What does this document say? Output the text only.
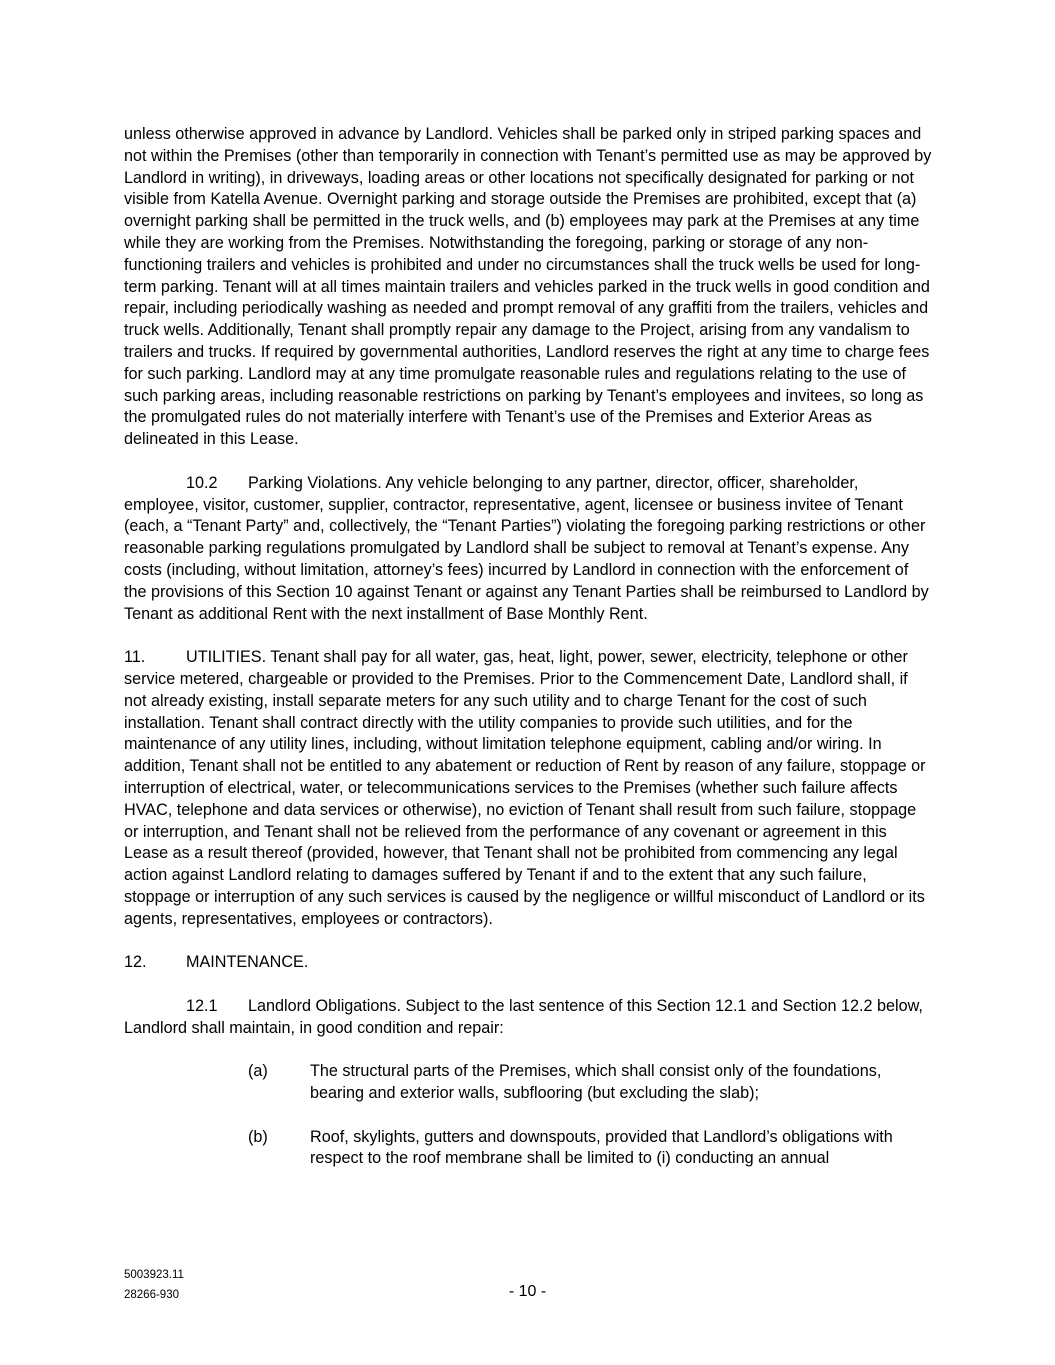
unless otherwise approved in advance by Landlord. Vehicles shall be parked only in striped parking spaces and not within the Premises (other than temporarily in connection with Tenant’s permitted use as may be approved by Landlord in writing), in driveways, loading areas or other locations not specifically designated for parking or not visible from Katella Avenue. Overnight parking and storage outside the Premises are prohibited, except that (a) overnight parking shall be permitted in the truck wells, and (b) employees may park at the Premises at any time while they are working from the Premises. Notwithstanding the foregoing, parking or storage of any non-functioning trailers and vehicles is prohibited and under no circumstances shall the truck wells be used for long-term parking. Tenant will at all times maintain trailers and vehicles parked in the truck wells in good condition and repair, including periodically washing as needed and prompt removal of any graffiti from the trailers, vehicles and truck wells. Additionally, Tenant shall promptly repair any damage to the Project, arising from any vandalism to trailers and trucks. If required by governmental authorities, Landlord reserves the right at any time to charge fees for such parking. Landlord may at any time promulgate reasonable rules and regulations relating to the use of such parking areas, including reasonable restrictions on parking by Tenant’s employees and invitees, so long as the promulgated rules do not materially interfere with Tenant’s use of the Premises and Exterior Areas as delineated in this Lease.

10.2 Parking Violations. Any vehicle belonging to any partner, director, officer, shareholder, employee, visitor, customer, supplier, contractor, representative, agent, licensee or business invitee of Tenant (each, a “Tenant Party” and, collectively, the “Tenant Parties”) violating the foregoing parking restrictions or other reasonable parking regulations promulgated by Landlord shall be subject to removal at Tenant’s expense. Any costs (including, without limitation, attorney’s fees) incurred by Landlord in connection with the enforcement of the provisions of this Section 10 against Tenant or against any Tenant Parties shall be reimbursed to Landlord by Tenant as additional Rent with the next installment of Base Monthly Rent.

11.	UTILITIES. Tenant shall pay for all water, gas, heat, light, power, sewer, electricity, telephone or other service metered, chargeable or provided to the Premises. Prior to the Commencement Date, Landlord shall, if not already existing, install separate meters for any such utility and to charge Tenant for the cost of such installation. Tenant shall contract directly with the utility companies to provide such utilities, and for the maintenance of any utility lines, including, without limitation telephone equipment, cabling and/or wiring. In addition, Tenant shall not be entitled to any abatement or reduction of Rent by reason of any failure, stoppage or interruption of electrical, water, or telecommunications services to the Premises (whether such failure affects HVAC, telephone and data services or otherwise), no eviction of Tenant shall result from such failure, stoppage or interruption, and Tenant shall not be relieved from the performance of any covenant or agreement in this Lease as a result thereof (provided, however, that Tenant shall not be prohibited from commencing any legal action against Landlord relating to damages suffered by Tenant if and to the extent that any such failure, stoppage or interruption of any such services is caused by the negligence or willful misconduct of Landlord or its agents, representatives, employees or contractors).

12. MAINTENANCE.

12.1 Landlord Obligations. Subject to the last sentence of this Section 12.1 and Section 12.2 below, Landlord shall maintain, in good condition and repair:

(a)	The structural parts of the Premises, which shall consist only of the foundations, bearing and exterior walls, subflooring (but excluding the slab);
(b)	Roof, skylights, gutters and downspouts, provided that Landlord’s obligations with respect to the roof membrane shall be limited to (i) conducting an annual
5003923.11
28266-930	- 10 -
